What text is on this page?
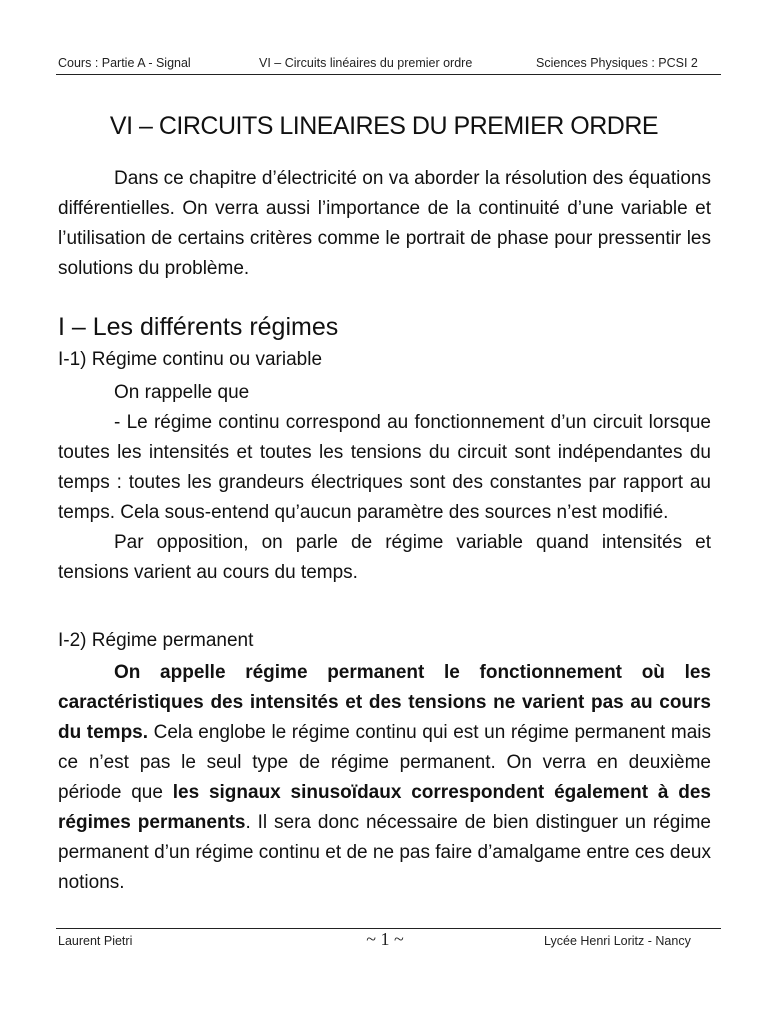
Cours : Partie A - Signal	VI – Circuits linéaires du premier ordre	Sciences Physiques : PCSI 2
VI – CIRCUITS LINEAIRES DU PREMIER ORDRE

Dans ce chapitre d’électricité on va aborder la résolution des équations différentielles. On verra aussi l’importance de la continuité d’une variable et l’utilisation de certains critères comme le portrait de phase pour pressentir les solutions du problème.

I – Les différents régimes
I-1) Régime continu ou variable

On rappelle que

- Le régime continu correspond au fonctionnement d’un circuit lorsque toutes les intensités et toutes les tensions du circuit sont indépendantes du temps : toutes les grandeurs électriques sont des constantes par rapport au temps. Cela sous-entend qu’aucun paramètre des sources n’est modifié.

Par opposition, on parle de régime variable quand intensités et tensions varient au cours du temps.

I-2) Régime permanent

On appelle régime permanent le fonctionnement où les caractéristiques des intensités et des tensions ne varient pas au cours du temps. Cela englobe le régime continu qui est un régime permanent mais ce n’est pas le seul type de régime permanent. On verra en deuxième période que les signaux sinusoïdaux correspondent également à des régimes permanents. Il sera donc nécessaire de bien distinguer un régime permanent d’un régime continu et de ne pas faire d’amalgame entre ces deux notions.

Laurent Pietri	~ 1 ~	Lycée Henri Loritz - Nancy
